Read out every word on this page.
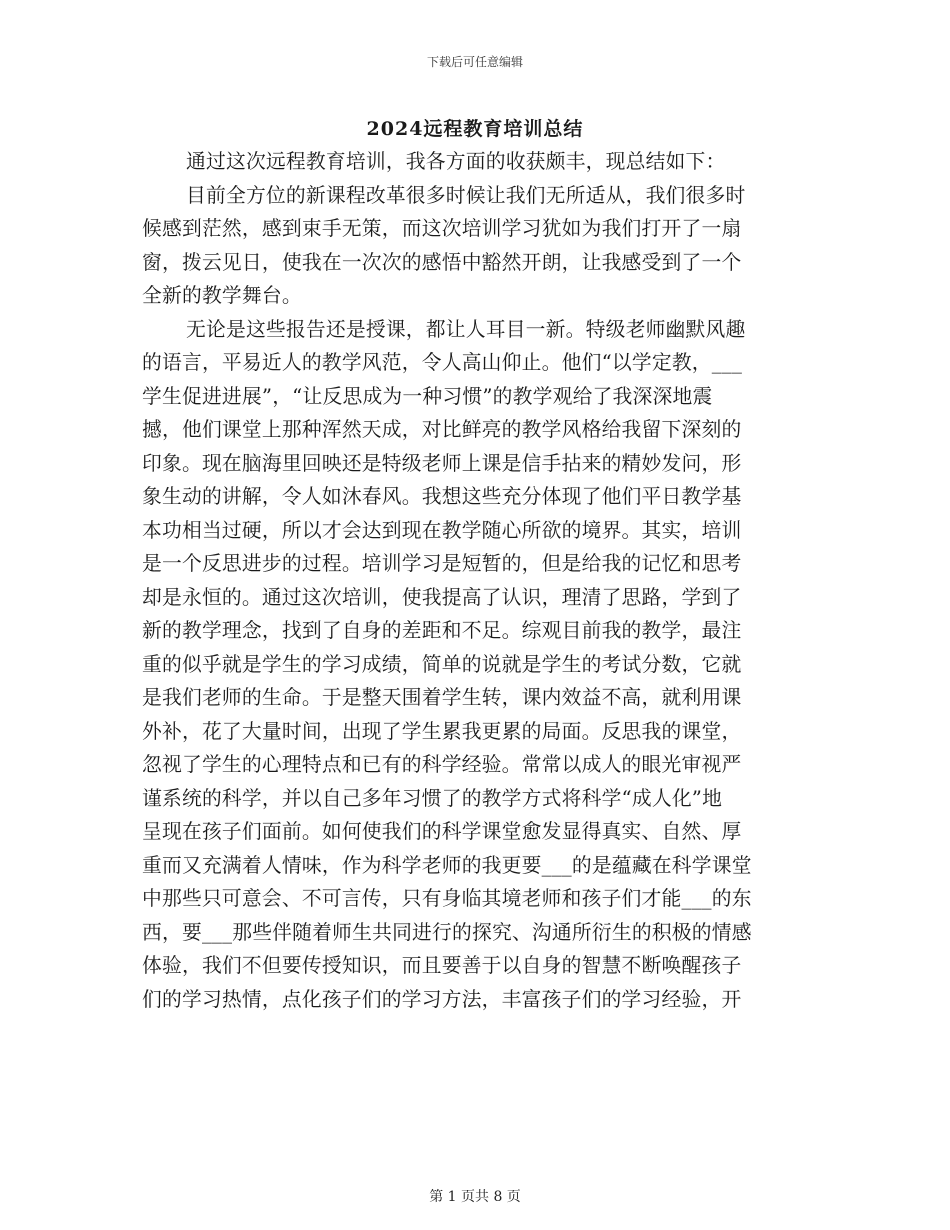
下载后可任意编辑
2024远程教育培训总结
通过这次远程教育培训，我各方面的收获颇丰，现总结如下：
目前全方位的新课程改革很多时候让我们无所适从，我们很多时
候感到茫然，感到束手无策，而这次培训学习犹如为我们打开了一扇
窗，拨云见日，使我在一次次的感悟中豁然开朗，让我感受到了一个
全新的教学舞台。
无论是这些报告还是授课，都让人耳目一新。特级老师幽默风趣
的语言，平易近人的教学风范，令人高山仰止。他们“以学定教，___
学生促进进展”，“让反思成为一种习惯”的教学观给了我深深地震
撼，他们课堂上那种浑然天成，对比鲜亮的教学风格给我留下深刻的
印象。现在脑海里回映还是特级老师上课是信手拈来的精妙发问，形
象生动的讲解，令人如沐春风。我想这些充分体现了他们平日教学基
本功相当过硬，所以才会达到现在教学随心所欲的境界。其实，培训
是一个反思进步的过程。培训学习是短暂的，但是给我的记忆和思考
却是永恒的。通过这次培训，使我提高了认识，理清了思路，学到了
新的教学理念，找到了自身的差距和不足。综观目前我的教学，最注
重的似乎就是学生的学习成绩，简单的说就是学生的考试分数，它就
是我们老师的生命。于是整天围着学生转，课内效益不高，就利用课
外补，花了大量时间，出现了学生累我更累的局面。反思我的课堂，
忽视了学生的心理特点和已有的科学经验。常常以成人的眼光审视严
谨系统的科学，并以自己多年习惯了的教学方式将科学“成人化”地
呈现在孩子们面前。如何使我们的科学课堂愈发显得真实、自然、厚
重而又充满着人情味，作为科学老师的我更要___的是蕴藏在科学课堂
中那些只可意会、不可言传，只有身临其境老师和孩子们才能___的东
西，要___那些伴随着师生共同进行的探究、沟通所衍生的积极的情感
体验，我们不但要传授知识，而且要善于以自身的智慧不断唤醒孩子
们的学习热情，点化孩子们的学习方法，丰富孩子们的学习经验，开
第 1 页共 8 页
